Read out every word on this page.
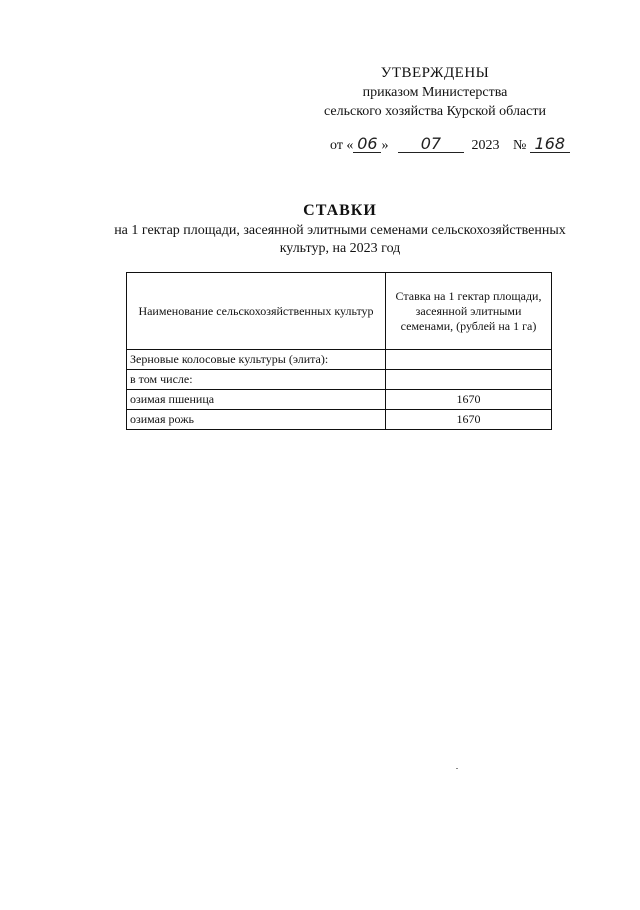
УТВЕРЖДЕНЫ
приказом Министерства
сельского хозяйства Курской области
от « 06 » 07 2023 № 168
СТАВКИ
на 1 гектар площади, засеянной элитными семенами сельскохозяйственных культур, на 2023 год
Наименование сельскохозяйственных культур	Ставка на 1 гектар площади, засеянной элитными семенами, (рублей на 1 га)
Зерновые колосовые культуры (элита):	
в том числе:	
озимая пшеница	1670
озимая рожь	1670
